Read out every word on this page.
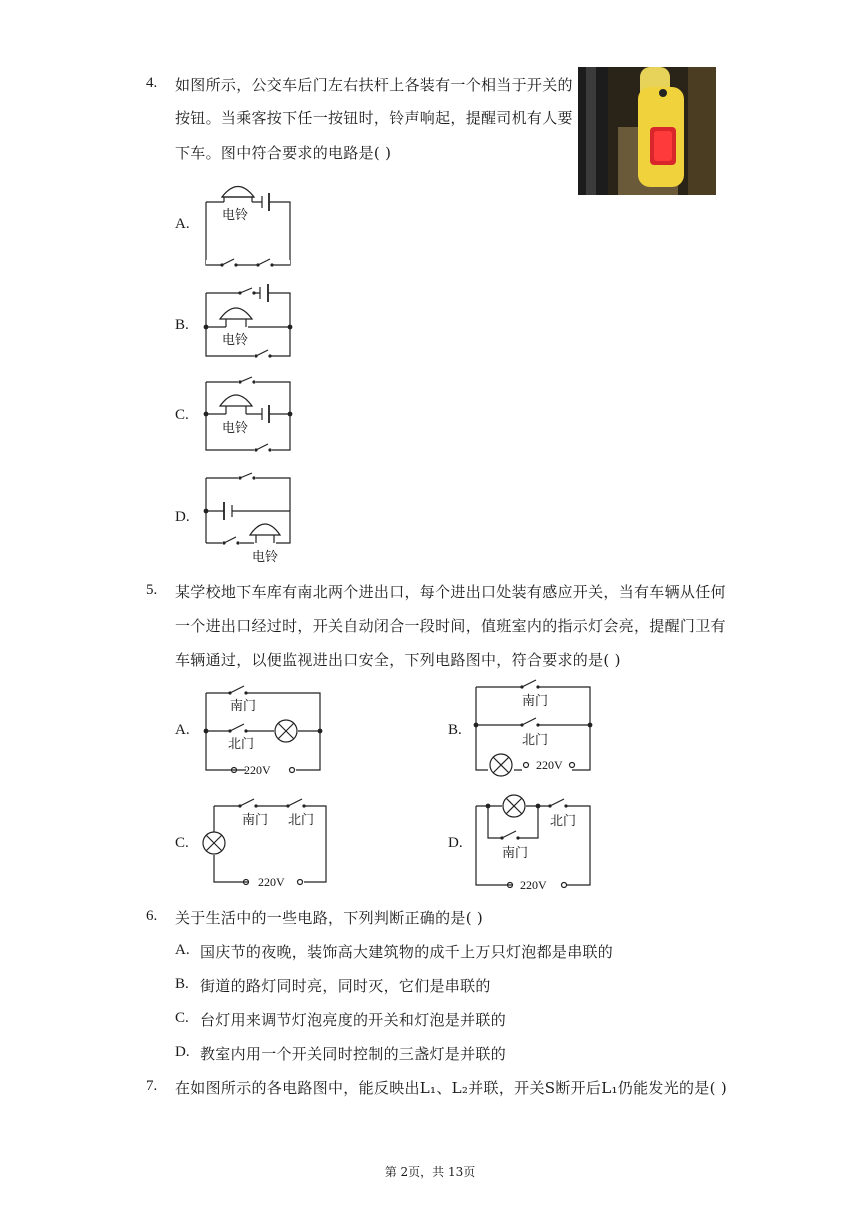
4. 如图所示，公交车后门左右扶杆上各装有一个相当于开关的
按钮。当乘客按下任一按钮时，铃声响起，提醒司机有人要
下车。图中符合要求的电路是( )
A.
电铃
B.
电铃
C.
电铃
D.
电铃
5. 某学校地下车库有南北两个进出口，每个进出口处装有感应开关，当有车辆从任何
一个进出口经过时，开关自动闭合一段时间，值班室内的指示灯会亮，提醒门卫有
车辆通过，以便监视进出口安全，下列电路图中，符合要求的是( )
A.
南门
北门
220V
B.
南门
北门
220V
C.
南门 北门
220V
D.
北门
南门
220V
6. 关于生活中的一些电路，下列判断正确的是( )
A. 国庆节的夜晚，装饰高大建筑物的成千上万只灯泡都是串联的
B. 街道的路灯同时亮，同时灭，它们是串联的
C. 台灯用来调节灯泡亮度的开关和灯泡是并联的
D. 教室内用一个开关同时控制的三盏灯是并联的
7. 在如图所示的各电路图中，能反映出L₁、L₂并联，开关S断开后L₁仍能发光的是( )
第 2页，共 13页
